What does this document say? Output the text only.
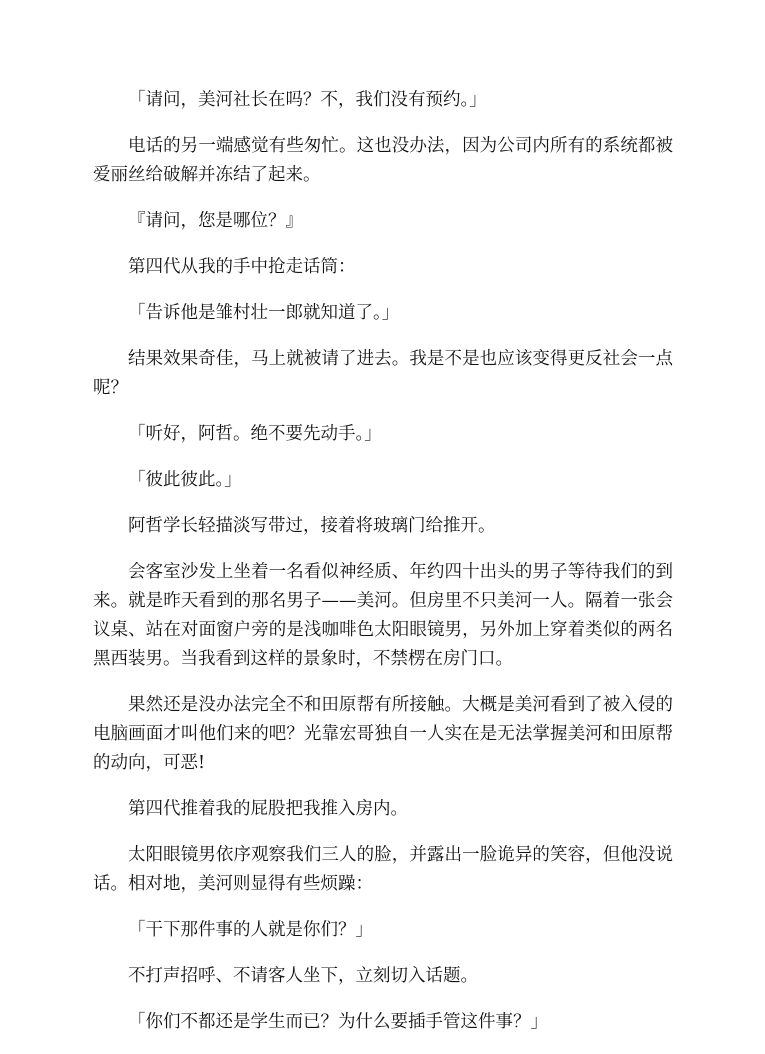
「请问，美河社长在吗？不，我们没有预约。」

电话的另一端感觉有些匆忙。这也没办法，因为公司内所有的系统都被爱丽丝给破解并冻结了起来。

『请问，您是哪位？』

第四代从我的手中抢走话筒：

「告诉他是雏村壮一郎就知道了。」

结果效果奇佳，马上就被请了进去。我是不是也应该变得更反社会一点呢？

「听好，阿哲。绝不要先动手。」

「彼此彼此。」

阿哲学长轻描淡写带过，接着将玻璃门给推开。

会客室沙发上坐着一名看似神经质、年约四十出头的男子等待我们的到来。就是昨天看到的那名男子——美河。但房里不只美河一人。隔着一张会议桌、站在对面窗户旁的是浅咖啡色太阳眼镜男，另外加上穿着类似的两名黑西装男。当我看到这样的景象时，不禁楞在房门口。

果然还是没办法完全不和田原帮有所接触。大概是美河看到了被入侵的电脑画面才叫他们来的吧？光靠宏哥独自一人实在是无法掌握美河和田原帮的动向，可恶!

第四代推着我的屁股把我推入房内。

太阳眼镜男依序观察我们三人的脸，并露出一脸诡异的笑容，但他没说话。相对地，美河则显得有些烦躁：

「干下那件事的人就是你们？」

不打声招呼、不请客人坐下，立刻切入话题。

「你们不都还是学生而已？为什么要插手管这件事？」
